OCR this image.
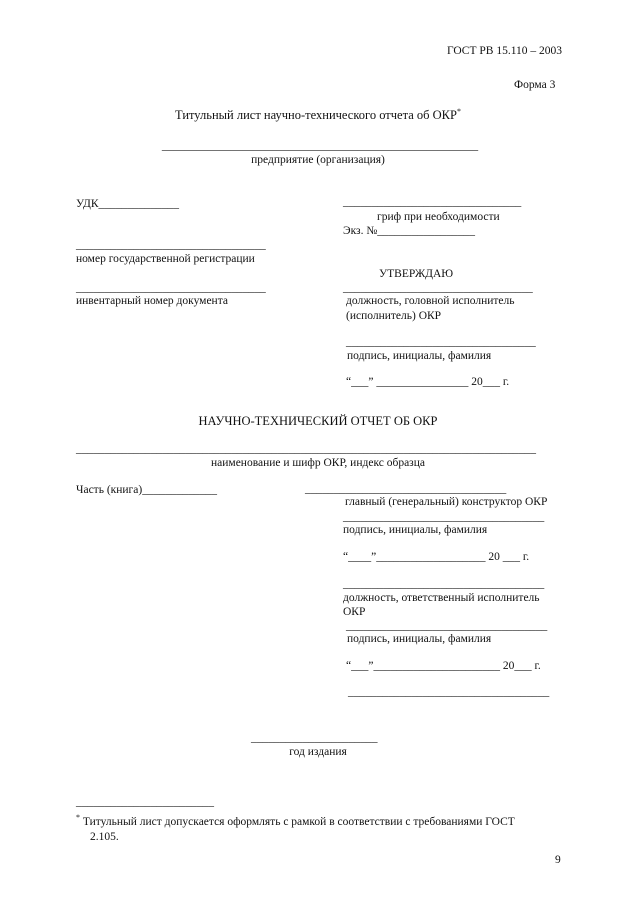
ГОСТ РВ 15.110 – 2003
Форма 3
Титульный лист научно-технического отчета об ОКР*
_______________________________________________________
предприятие (организация)
УДК______________
_________________________________
номер государственной регистрации
_________________________________
инвентарный номер документа
_______________________________
гриф при необходимости
Экз. №_________________
УТВЕРЖДАЮ
_________________________________
должность, головной исполнитель
(исполнитель) ОКР
_________________________________
подпись, инициалы, фамилия
“___” ________________ 20___ г.
НАУЧНО-ТЕХНИЧЕСКИЙ ОТЧЕТ ОБ ОКР
________________________________________________________________________________
наименование и шифр ОКР, индекс образца
Часть (книга)_____________	___________________________________
главный (генеральный) конструктор ОКР
___________________________________
подпись, инициалы, фамилия
“____”___________________ 20 ___ г.
___________________________________
должность, ответственный исполнитель
ОКР
___________________________________
подпись, инициалы, фамилия
“___”______________________ 20___ г.
___________________________________
______________________
год издания
________________________
* Титульный лист допускается оформлять с рамкой в соответствии с требованиями ГОСТ
2.105.
9
